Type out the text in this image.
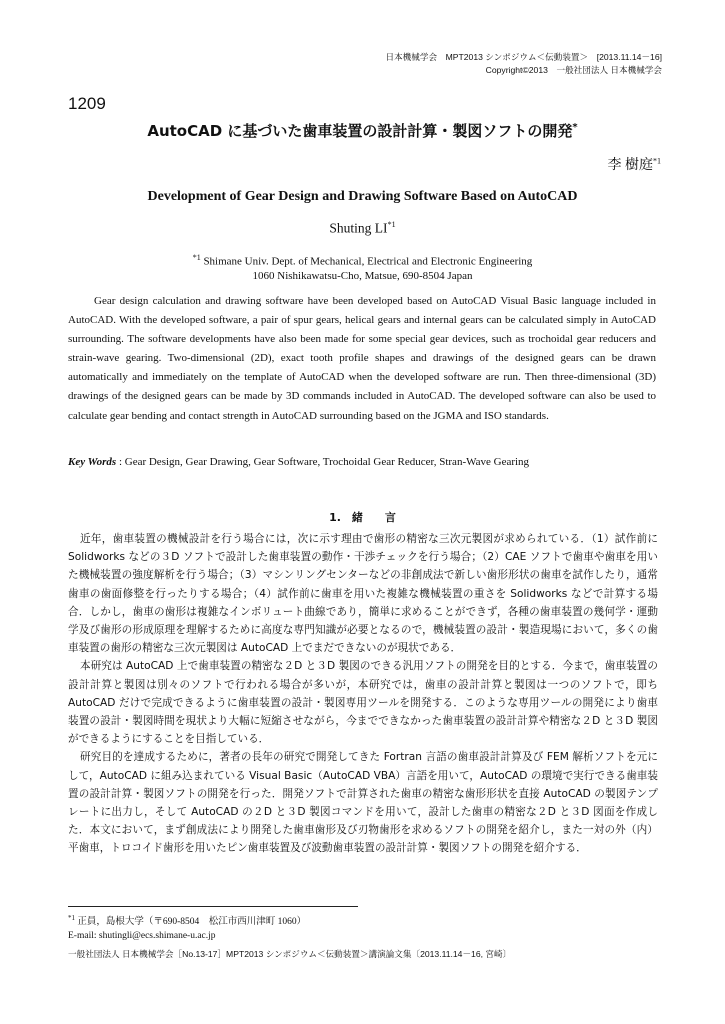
日本機械学会　MPT2013 シンポジウム＜伝動装置＞　[2013.11.14－16]
Copyright©2013　一般社団法人 日本機械学会
1209
AutoCAD に基づいた歯車装置の設計計算・製図ソフトの開発*
李 樹庭$^{*1}$
Development of Gear Design and Drawing Software Based on AutoCAD
Shuting LI$^{*1}$
$^{*1}$ Shimane Univ. Dept. of Mechanical, Electrical and Electronic Engineering
1060 Nishikawatsu-Cho, Matsue, 690-8504 Japan

Gear design calculation and drawing software have been developed based on AutoCAD Visual Basic language included in AutoCAD. With the developed software, a pair of spur gears, helical gears and internal gears can be calculated simply in AutoCAD surrounding. The software developments have also been made for some special gear devices, such as trochoidal gear reducers and strain-wave gearing. Two-dimensional (2D), exact tooth profile shapes and drawings of the designed gears can be drawn automatically and immediately on the template of AutoCAD when the developed software are run. Then three-dimensional (3D) drawings of the designed gears can be made by 3D commands included in AutoCAD. The developed software can also be used to calculate gear bending and contact strength in AutoCAD surrounding based on the JGMA and ISO standards.

Key Words : Gear Design, Gear Drawing, Gear Software, Trochoidal Gear Reducer, Stran-Wave Gearing
1.　緒　　言

近年，歯車装置の機械設計を行う場合には，次に示す理由で歯形の精密な三次元製図が求められている．（1）試作前に Solidworks などの３D ソフトで設計した歯車装置の動作・干渉チェックを行う場合；（2）CAE ソフトで歯車や歯車を用いた機械装置の強度解析を行う場合；（3）マシンリングセンターなどの非創成法で新しい歯形形状の歯車を試作したり，通常歯車の歯面修整を行ったりする場合；（4）試作前に歯車を用いた複雑な機械装置の重さを Solidworks などで計算する場合．しかし，歯車の歯形は複雑なインボリュート曲線であり，簡単に求めることができず，各種の歯車装置の幾何学・運動学及び歯形の形成原理を理解するために高度な専門知識が必要となるので，機械装置の設計・製造現場において，多くの歯車装置の歯形の精密な三次元製図は AutoCAD 上でまだできないのが現状である．

本研究は AutoCAD 上で歯車装置の精密な２D と３D 製図のできる汎用ソフトの開発を目的とする．今まで，歯車装置の設計計算と製図は別々のソフトで行われる場合が多いが，本研究では，歯車の設計計算と製図は一つのソフトで，即ち AutoCAD だけで完成できるように歯車装置の設計・製図専用ツールを開発する．このような専用ツールの開発により歯車装置の設計・製図時間を現状より大幅に短縮させながら，今までできなかった歯車装置の設計計算や精密な２D と３D 製図ができるようにすることを目指している．

研究目的を達成するために，著者の長年の研究で開発してきた Fortran 言語の歯車設計計算及び FEM 解析ソフトを元にして，AutoCAD に組み込まれている Visual Basic（AutoCAD VBA）言語を用いて，AutoCAD の環境で実行できる歯車装置の設計計算・製図ソフトの開発を行った．開発ソフトで計算された歯車の精密な歯形形状を直接 AutoCAD の製図テンプレートに出力し，そして AutoCAD の２D と３D 製図コマンドを用いて，設計した歯車の精密な２D と３D 図面を作成した．本文において，まず創成法により開発した歯車歯形及び刃物歯形を求めるソフトの開発を紹介し，また一対の外（内）平歯車，トロコイド歯形を用いたピン歯車装置及び波動歯車装置の設計計算・製図ソフトの開発を紹介する．

$^{*1}$ 正員，島根大学（〒690-8504　松江市西川津町 1060）
E-mail: shutingli@ecs.shimane-u.ac.jp
一般社団法人 日本機械学会［No.13-17］MPT2013 シンポジウム＜伝動装置＞講演論文集〔2013.11.14－16, 宮崎〕
